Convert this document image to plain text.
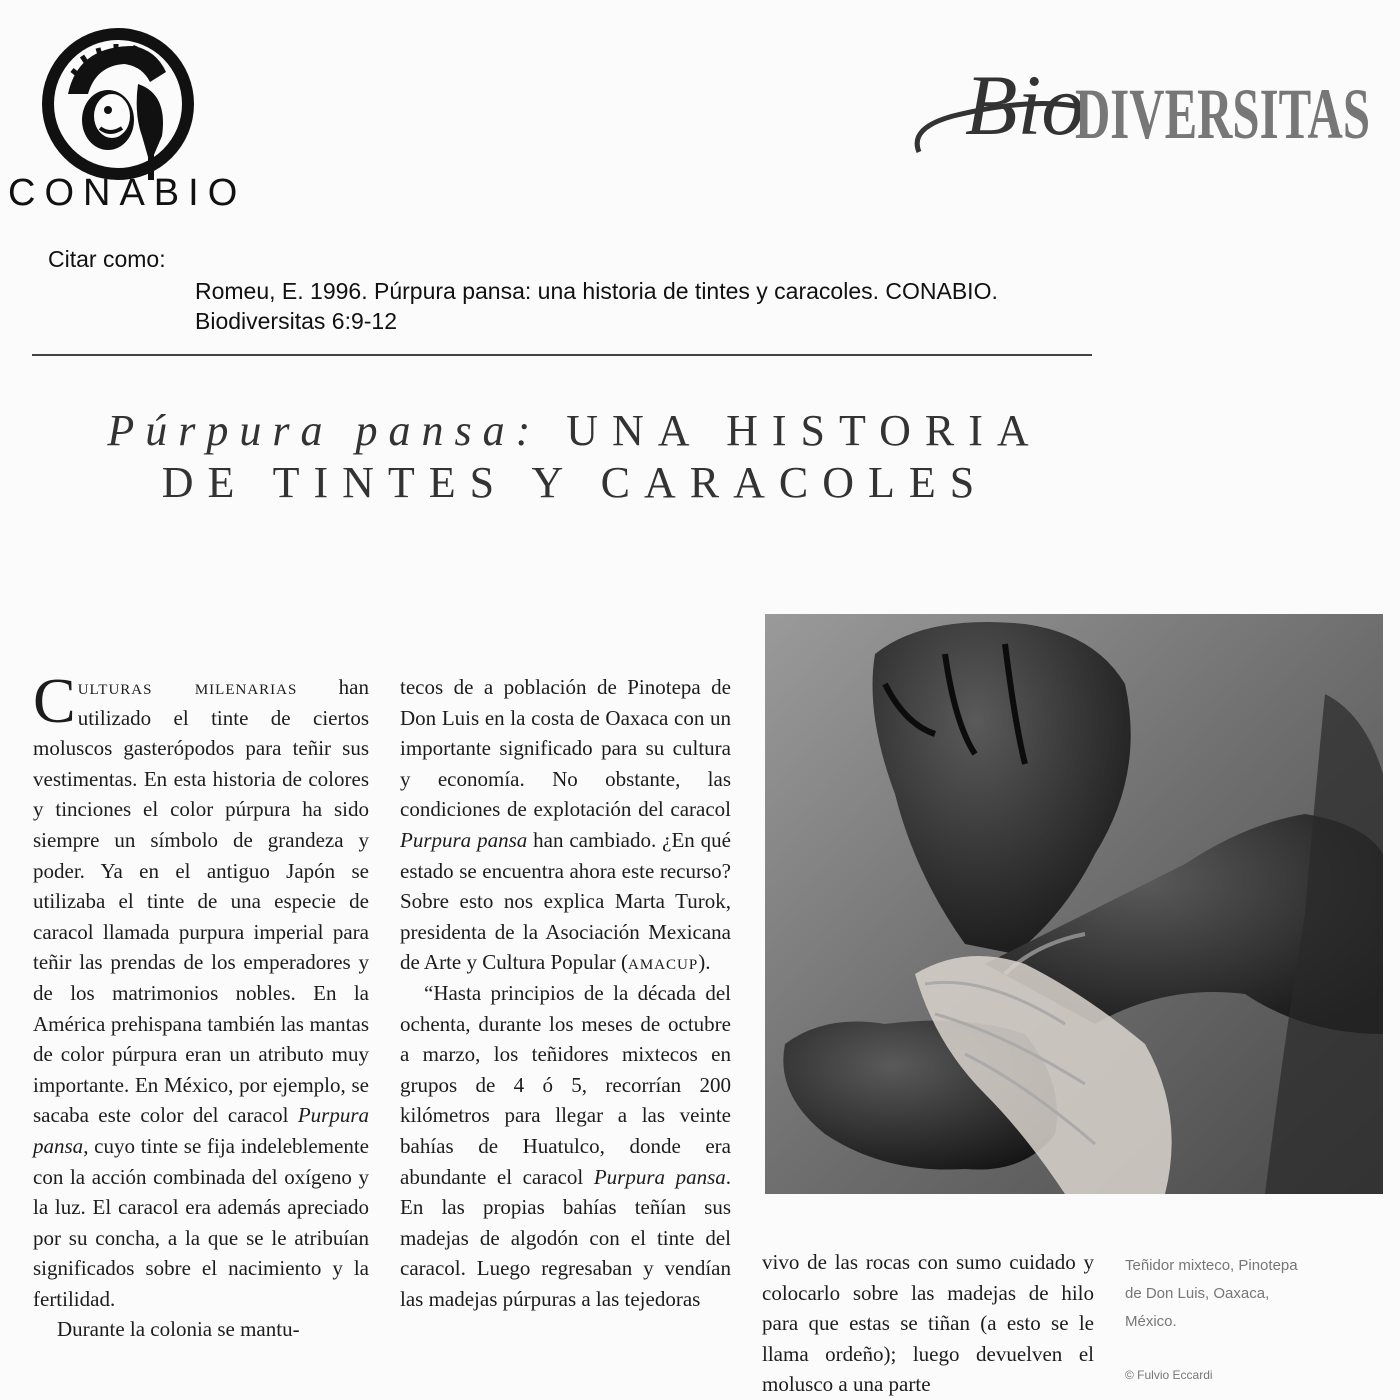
CONABIO
Bio
DIVERSITAS
Citar como:
Romeu, E. 1996. Púrpura pansa: una historia de tintes y caracoles. CONABIO.
Biodiversitas 6:9-12
Púrpura pansa: UNA HISTORIA
DE TINTES Y CARACOLES

Culturas milenarias han utilizado el tinte de ciertos moluscos gasterópodos para teñir sus vestimentas. En esta historia de colores y tinciones el color púrpura ha sido siempre un símbolo de grandeza y poder. Ya en el antiguo Japón se utilizaba el tinte de una especie de caracol llamada purpura imperial para teñir las prendas de los emperadores y de los matrimonios nobles. En la América prehispana también las mantas de color púrpura eran un atributo muy importante. En México, por ejemplo, se sacaba este color del caracol Purpura pansa, cuyo tinte se fija indeleblemente con la acción combinada del oxígeno y la luz. El caracol era además apreciado por su concha, a la que se le atribuían significados sobre el nacimiento y la fertilidad.

Durante la colonia se mantu-

tecos de a población de Pinotepa de Don Luis en la costa de Oaxaca con un importante significado para su cultura y economía. No obstante, las condiciones de explotación del caracol Purpura pansa han cambiado. ¿En qué estado se encuentra ahora este recurso? Sobre esto nos explica Marta Turok, presidenta de la Asociación Mexicana de Arte y Cultura Popular (amacup).

“Hasta principios de la década del ochenta, durante los meses de octubre a marzo, los teñidores mixtecos en grupos de 4 ó 5, recorrían 200 kilómetros para llegar a las veinte bahías de Huatulco, donde era abundante el caracol Purpura pansa. En las propias bahías teñían sus madejas de algodón con el tinte del caracol. Luego regresaban y vendían las madejas púrpuras a las tejedoras

vivo de las rocas con sumo cuidado y colocarlo sobre las madejas de hilo para que estas se tiñan (a esto se le llama ordeño); luego devuelven el molusco a una parte

Teñidor mixteco, Pinotepa de Don Luis, Oaxaca, México.
© Fulvio Eccardi
